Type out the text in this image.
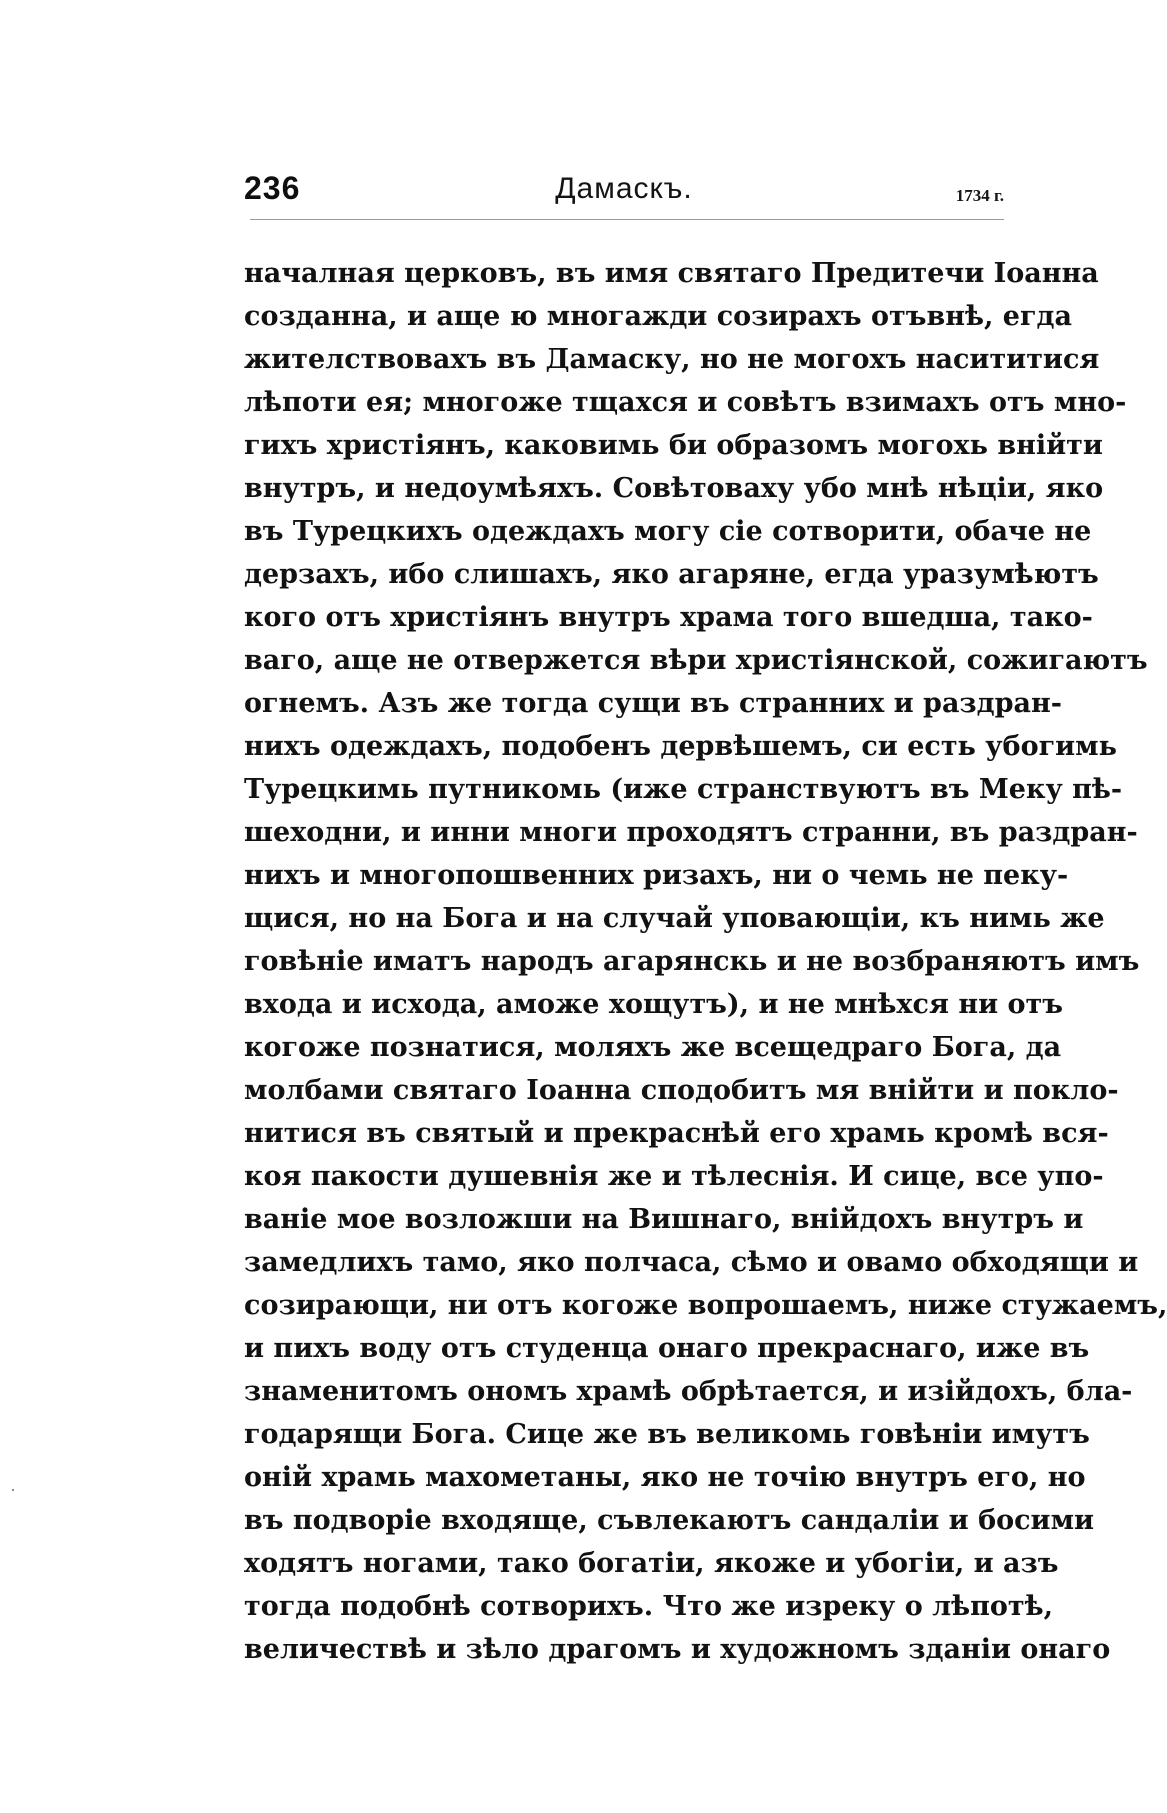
236	Дамаскъ.	1734 г.
началная церковъ, въ имя святаго Предитечи Іоанна
созданна, и аще ю многажди созирахъ отъвнѣ, егда
жителствовахъ въ Дамаску, но не могохъ насититися
лѣпоти ея; многоже тщахся и совѣтъ взимахъ отъ мно-
гихъ христіянъ, каковимь би образомъ могохь внійти
внутръ, и недоумѣяхъ. Совѣтоваху убо мнѣ нѣціи, яко
въ Турецкихъ одеждахъ могу сіе сотворити, обаче не
дерзахъ, ибо слишахъ, яко агаряне, егда уразумѣютъ
кого отъ христіянъ внутръ храма того вшедша, тако-
ваго, аще не отвержется вѣри христіянской, сожигаютъ
огнемъ. Азъ же тогда сущи въ странних и раздран-
нихъ одеждахъ, подобенъ дервѣшемъ, си есть убогимь
Турецкимь путникомь (иже странствуютъ въ Меку пѣ-
шеходни, и инни многи проходятъ странни, въ раздран-
нихъ и многопошвенних ризахъ, ни о чемь не пеку-
щися, но на Бога и на случай уповающіи, къ нимь же
говѣніе иматъ народъ агарянскь и не возбраняютъ имъ
входа и исхода, аможе хощутъ), и не мнѣхся ни отъ
когоже познатися, моляхъ же всещедраго Бога, да
молбами святаго Іоанна сподобитъ мя внійти и покло-
нитися въ святый и прекраснѣй его храмь кромѣ вся-
кoя пакости душевнія же и тѣлеснія. И сице, все упо-
ваніе мое возложши на Вишнаго, внійдохъ внутръ и
замедлихъ тамо, яко полчаса, сѣмо и овамо обходящи и
созирающи, ни отъ когоже вопрошаемъ, ниже стужаемъ,
и пихъ воду отъ студенца онаго прекраснаго, иже въ
знаменитомъ ономъ храмѣ обрѣтается, и изійдохъ, бла-
годарящи Бога. Сице же въ великомь говѣніи имутъ
оній храмь махометаны, яко не точію внутръ его, но
въ подворіе входяще, съвлекаютъ сандаліи и босими
ходятъ ногами, тако богатіи, якоже и убогіи, и азъ
тогда подобнѣ сотворихъ. Что же изреку о лѣпотѣ,
величествѣ и зѣло драгомъ и художномъ зданіи онаго
